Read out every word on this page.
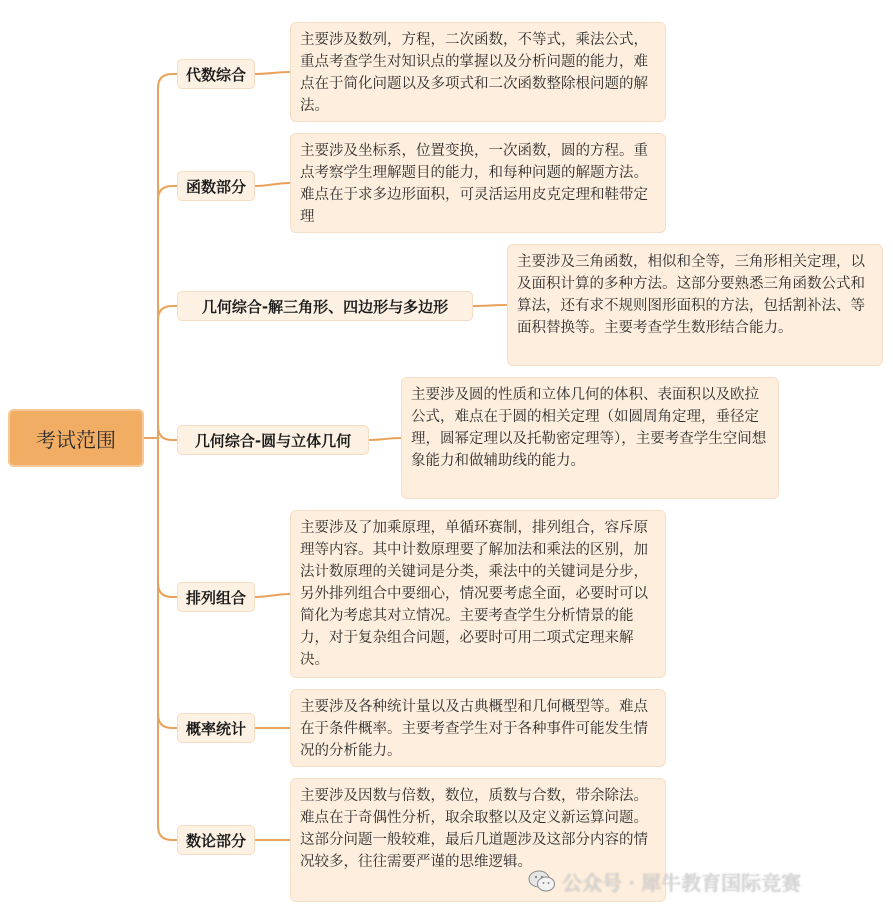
考试范围
代数综合
函数部分
几何综合-解三角形、四边形与多边形
几何综合-圆与立体几何
排列组合
概率统计
数论部分
主要涉及数列，方程，二次函数，不等式，乘法公式，重点考查学生对知识点的掌握以及分析问题的能力，难点在于简化问题以及多项式和二次函数整除根问题的解法。
主要涉及坐标系，位置变换，一次函数，圆的方程。重点考察学生理解题目的能力，和每种问题的解题方法。难点在于求多边形面积，可灵活运用皮克定理和鞋带定理
主要涉及三角函数，相似和全等，三角形相关定理，以及面积计算的多种方法。这部分要熟悉三角函数公式和算法，还有求不规则图形面积的方法，包括割补法、等面积替换等。主要考查学生数形结合能力。
主要涉及圆的性质和立体几何的体积、表面积以及欧拉公式，难点在于圆的相关定理（如圆周角定理，垂径定理，圆幂定理以及托勒密定理等），主要考查学生空间想象能力和做辅助线的能力。
主要涉及了加乘原理，单循环赛制，排列组合，容斥原理等内容。其中计数原理要了解加法和乘法的区别，加法计数原理的关键词是分类，乘法中的关键词是分步，另外排列组合中要细心，情况要考虑全面，必要时可以简化为考虑其对立情况。主要考查学生分析情景的能力，对于复杂组合问题，必要时可用二项式定理来解决。
主要涉及各种统计量以及古典概型和几何概型等。难点在于条件概率。主要考查学生对于各种事件可能发生情况的分析能力。
主要涉及因数与倍数，数位，质数与合数，带余除法。难点在于奇偶性分析，取余取整以及定义新运算问题。这部分问题一般较难，最后几道题涉及这部分内容的情况较多，往往需要严谨的思维逻辑。
公众号 · 犀牛教育国际竞赛
